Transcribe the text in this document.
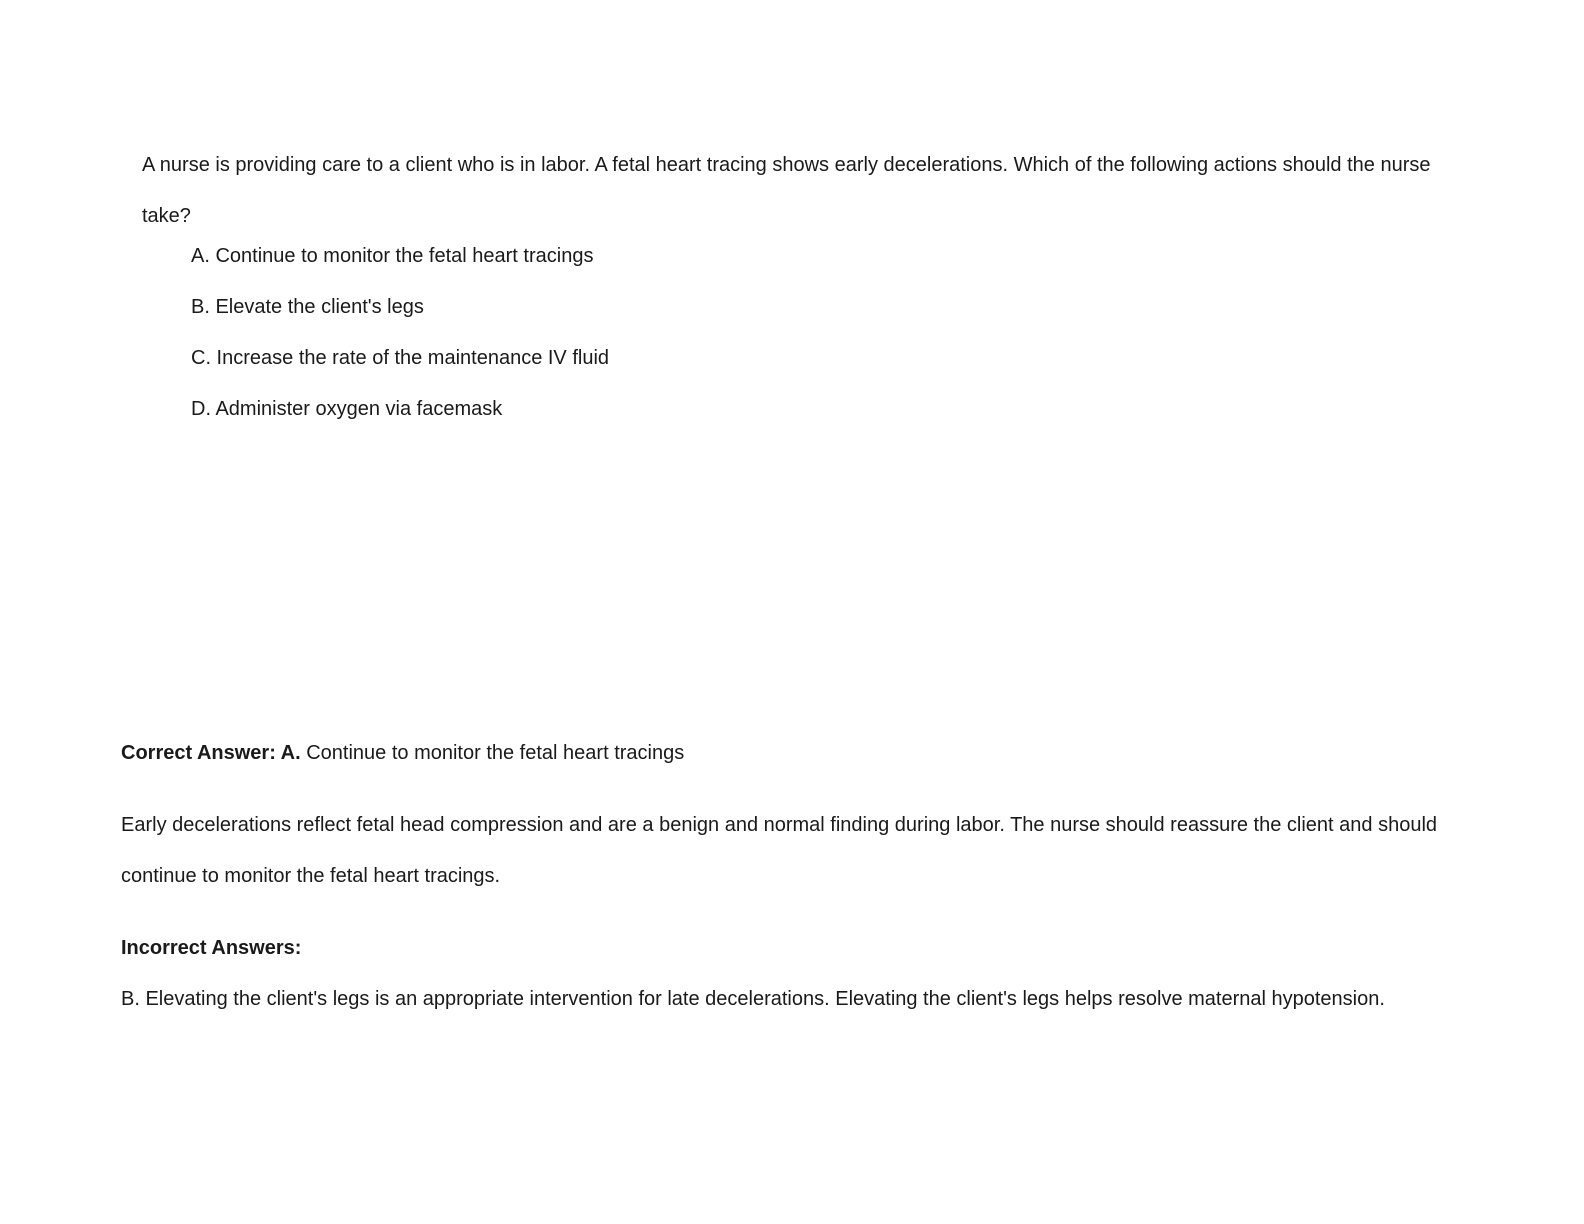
A nurse is providing care to a client who is in labor. A fetal heart tracing shows early decelerations. Which of the following actions should the nurse take?

A. Continue to monitor the fetal heart tracings
B. Elevate the client's legs
C. Increase the rate of the maintenance IV fluid
D. Administer oxygen via facemask

Correct Answer: A. Continue to monitor the fetal heart tracings

Early decelerations reflect fetal head compression and are a benign and normal finding during labor. The nurse should reassure the client and should continue to monitor the fetal heart tracings.

Incorrect Answers:

B. Elevating the client's legs is an appropriate intervention for late decelerations. Elevating the client's legs helps resolve maternal hypotension.
